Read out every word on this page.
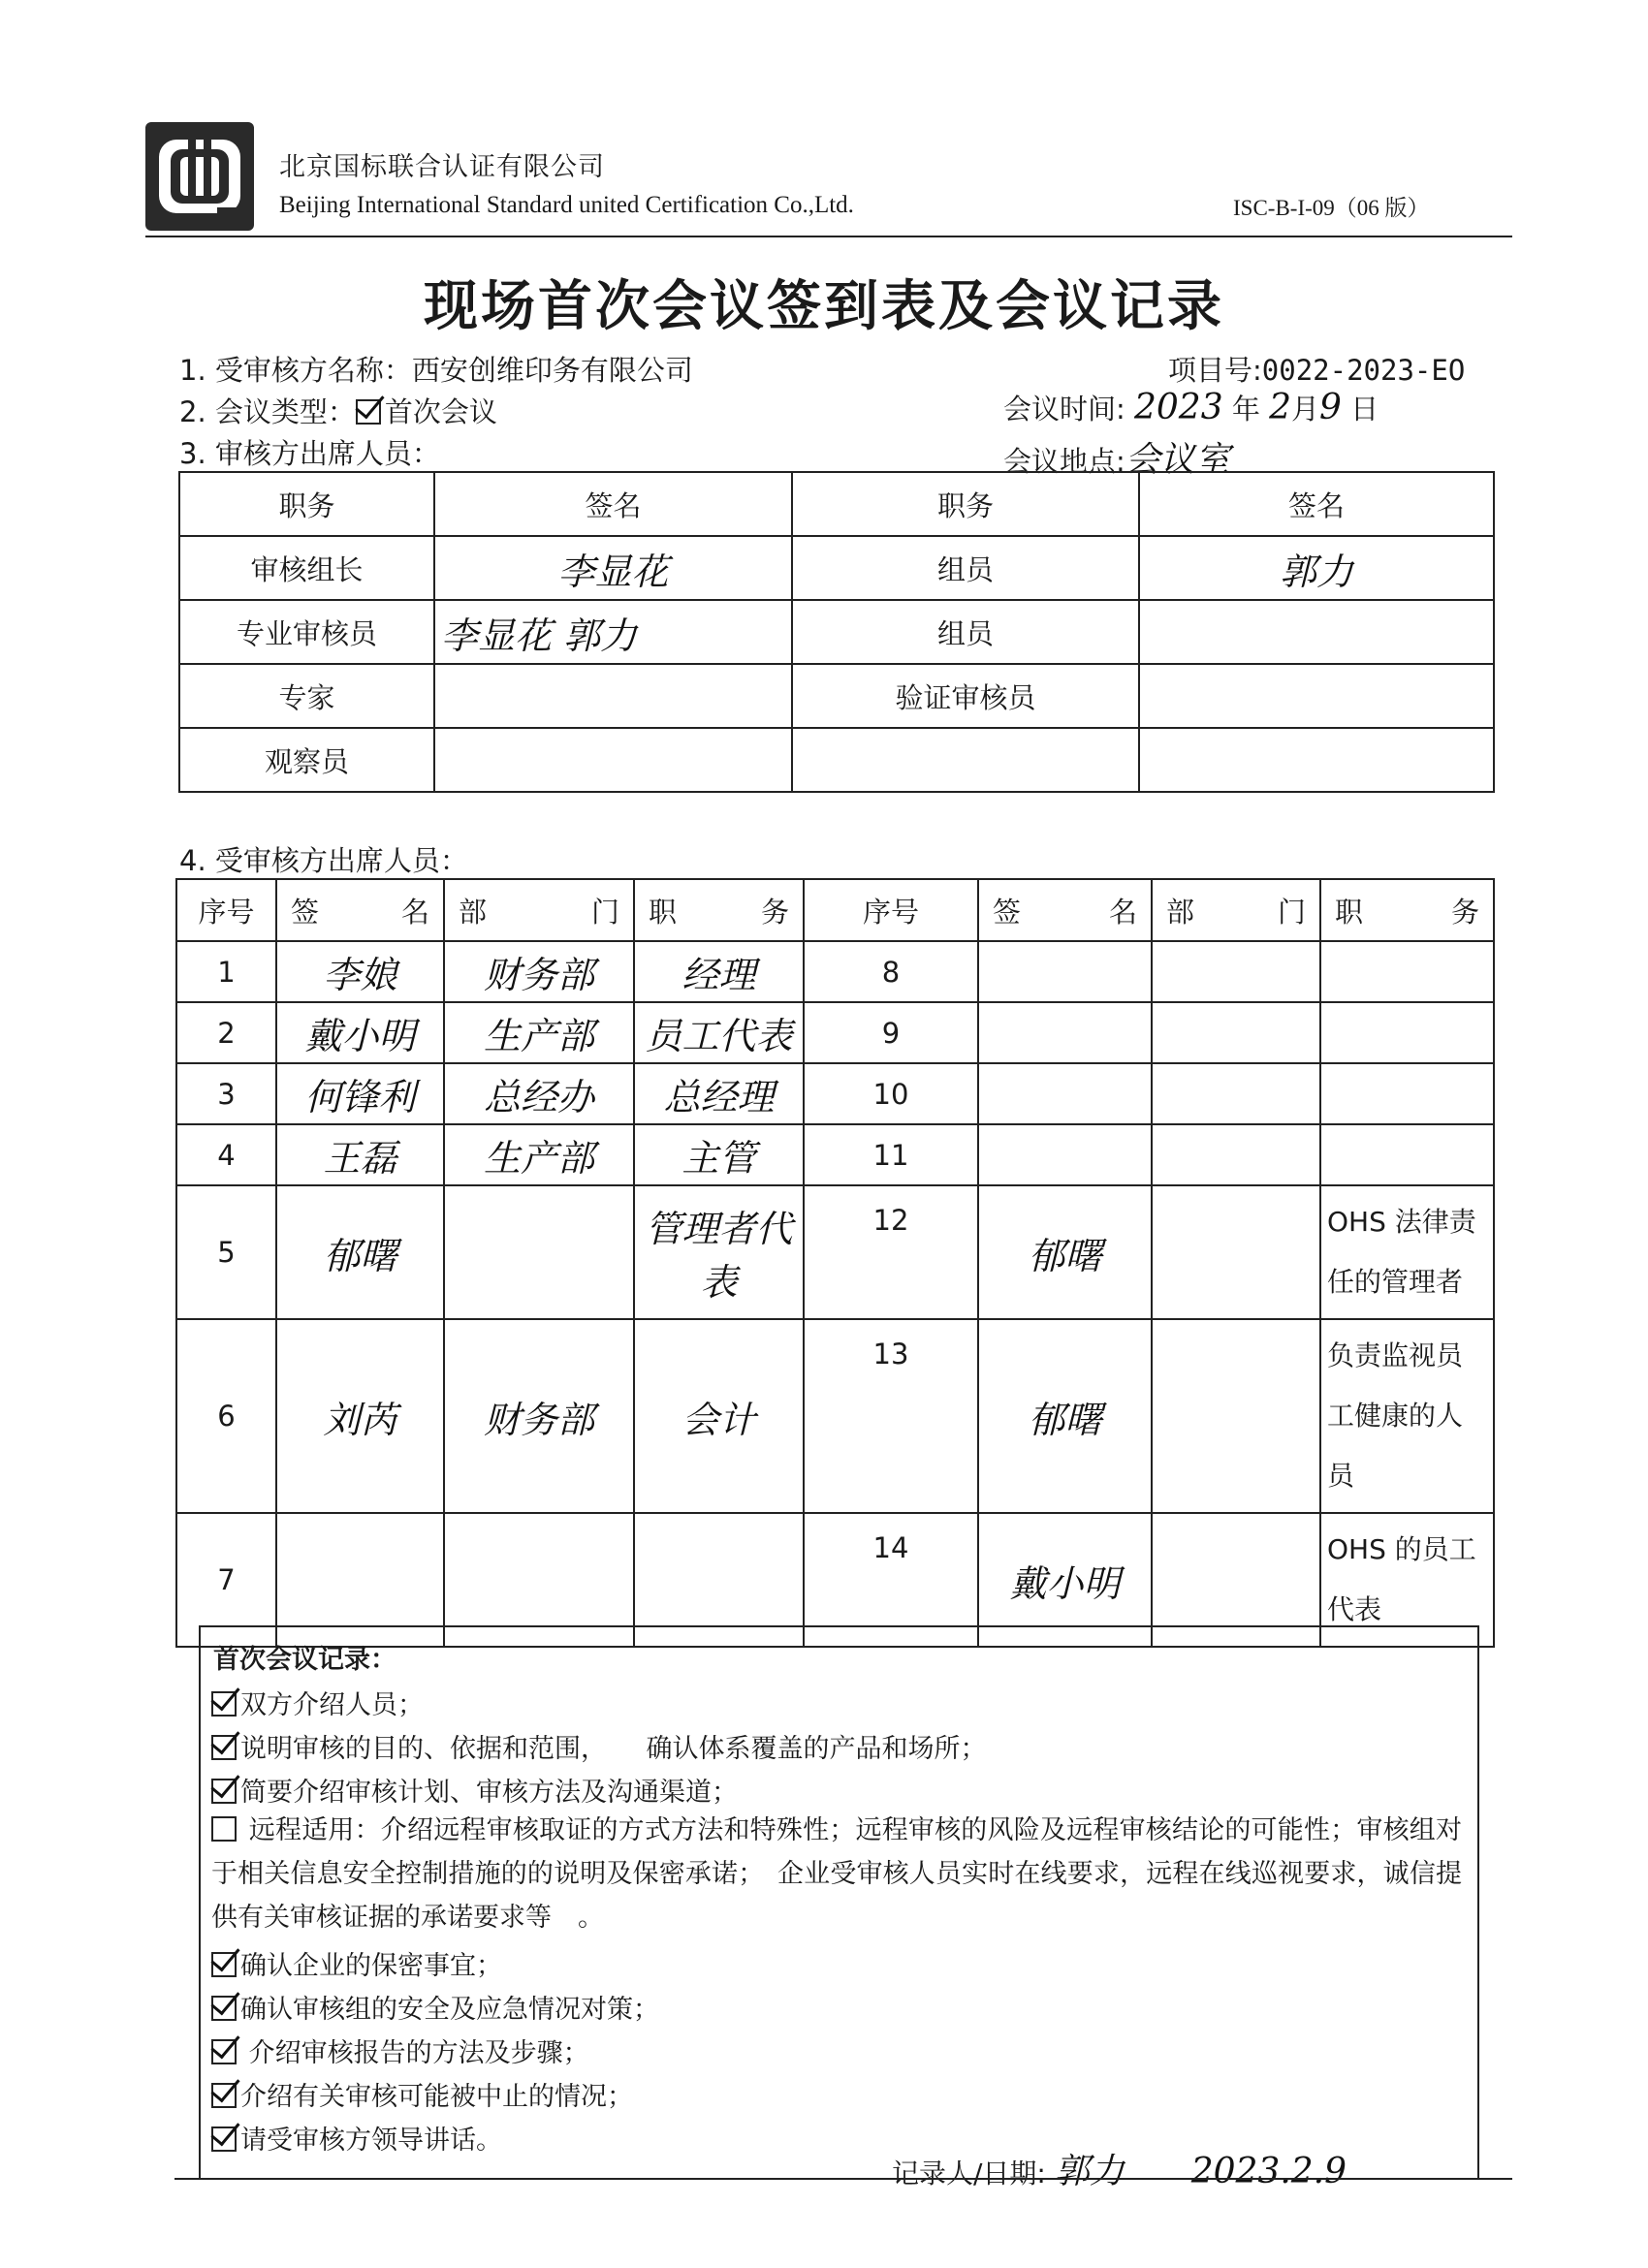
北京国标联合认证有限公司
Beijing International Standard united Certification Co.,Ltd.	ISC-B-I-09（06 版）
现场首次会议签到表及会议记录
1. 受审核方名称：西安创维印务有限公司	项目号:0022-2023-EO
2. 会议类型： 首次会议	会议时间: 2023 年 2月9 日
3. 审核方出席人员：	会议地点:会议室
职务	签名	职务	签名
审核组长	李显花	组员	郭力
专业审核员	李显花 郭力	组员	
专家		验证审核员	
观察员			
4. 受审核方出席人员：
序号	签 名	部 门	职 务	序号	签 名	部 门	职 务

1	李娘	财务部	经理	8			
2	戴小明	生产部	员工代表	9			
3	何锋利	总经办	总经理	10			
4	王磊	生产部	主管	11			
5	郁曙		管理者代表	12	郁曙		OHS 法律责任的管理者
6	刘芮	财务部	会计	13	郁曙		负责监视员工健康的人员
7				14	戴小明		OHS 的员工代表
首次会议记录：
双方介绍人员；
说明审核的目的、依据和范围，　　确认体系覆盖的产品和场所；
简要介绍审核计划、审核方法及沟通渠道；
远程适用：介绍远程审核取证的方式方法和特殊性；远程审核的风险及远程审核结论的可能性；审核组对于相关信息安全控制措施的的说明及保密承诺；　企业受审核人员实时在线要求，远程在线巡视要求，诚信提供有关审核证据的承诺要求等　。
确认企业的保密事宜；
确认审核组的安全及应急情况对策；
介绍审核报告的方法及步骤；
介绍有关审核可能被中止的情况；
请受审核方领导讲话。
记录人/日期: 郭力 2023.2.9
